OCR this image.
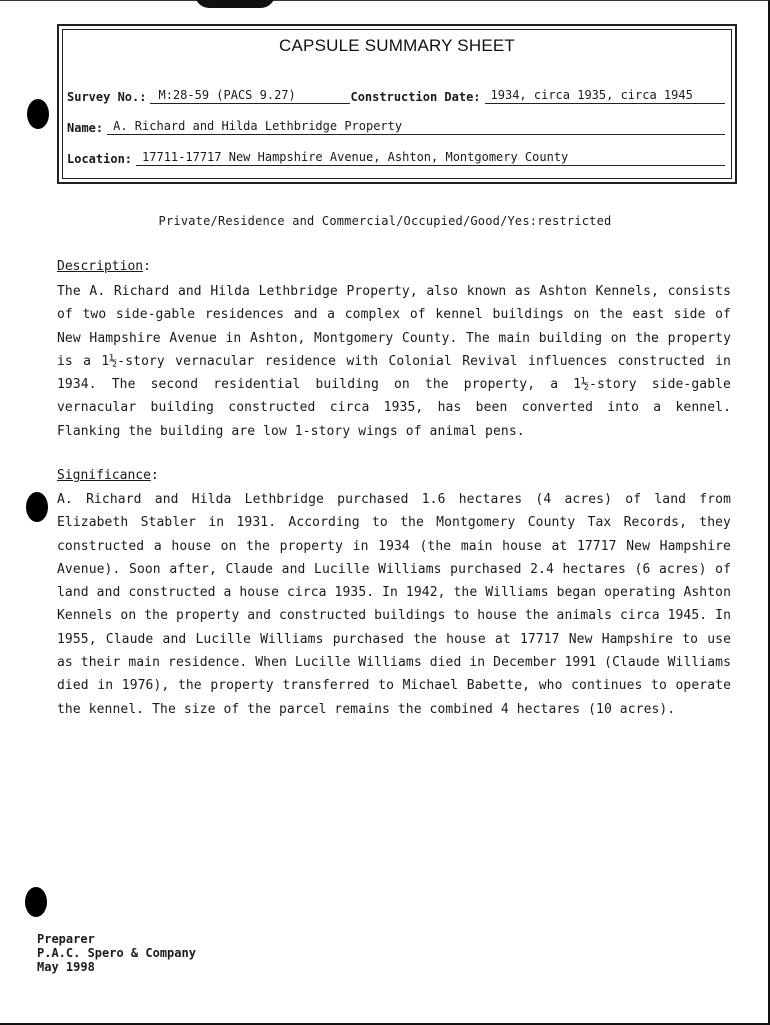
CAPSULE SUMMARY SHEET
Survey No.:	M:28-59 (PACS 9.27)	Construction Date: 1934, circa 1935, circa 1945
Name: A. Richard and Hilda Lethbridge Property
Location: 17711-17717 New Hampshire Avenue, Ashton, Montgomery County
Private/Residence and Commercial/Occupied/Good/Yes:restricted
Description:

The A. Richard and Hilda Lethbridge Property, also known as Ashton Kennels, consists of two side-gable residences and a complex of kennel buildings on the east side of New Hampshire Avenue in Ashton, Montgomery County. The main building on the property is a 1½-story vernacular residence with Colonial Revival influences constructed in 1934. The second residential building on the property, a 1½-story side-gable vernacular building constructed circa 1935, has been converted into a kennel. Flanking the building are low 1-story wings of animal pens.

Significance:

A. Richard and Hilda Lethbridge purchased 1.6 hectares (4 acres) of land from Elizabeth Stabler in 1931. According to the Montgomery County Tax Records, they constructed a house on the property in 1934 (the main house at 17717 New Hampshire Avenue). Soon after, Claude and Lucille Williams purchased 2.4 hectares (6 acres) of land and constructed a house circa 1935. In 1942, the Williams began operating Ashton Kennels on the property and constructed buildings to house the animals circa 1945. In 1955, Claude and Lucille Williams purchased the house at 17717 New Hampshire to use as their main residence. When Lucille Williams died in December 1991 (Claude Williams died in 1976), the property transferred to Michael Babette, who continues to operate the kennel. The size of the parcel remains the combined 4 hectares (10 acres).

Preparer
P.A.C. Spero & Company
May 1998
